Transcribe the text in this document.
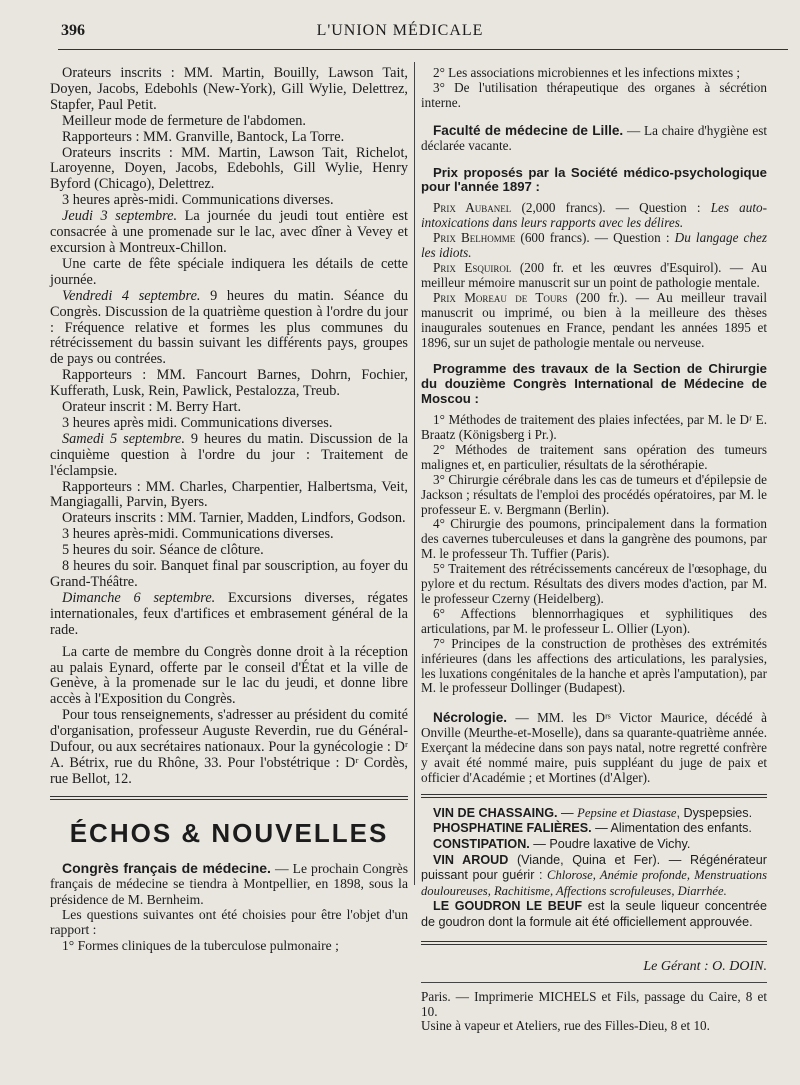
396	L'UNION MÉDICALE

Orateurs inscrits : MM. Martin, Bouilly, Lawson Tait, Doyen, Jacobs, Edebohls (New-York), Gill Wylie, Delettrez, Stapfer, Paul Petit.

Meilleur mode de fermeture de l'abdomen.

Rapporteurs : MM. Granville, Bantock, La Torre.

Orateurs inscrits : MM. Martin, Lawson Tait, Richelot, Laroyenne, Doyen, Jacobs, Edebohls, Gill Wylie, Henry Byford (Chicago), Delettrez.

3 heures après-midi. Communications diverses.

Jeudi 3 septembre. La journée du jeudi tout entière est consacrée à une promenade sur le lac, avec dîner à Vevey et excursion à Montreux-Chillon.

Une carte de fête spéciale indiquera les détails de cette journée.

Vendredi 4 septembre. 9 heures du matin. Séance du Congrès. Discussion de la quatrième question à l'ordre du jour : Fréquence relative et formes les plus communes du rétrécissement du bassin suivant les différents pays, groupes de pays ou contrées.

Rapporteurs : MM. Fancourt Barnes, Dohrn, Fochier, Kufferath, Lusk, Rein, Pawlick, Pestalozza, Treub.

Orateur inscrit : M. Berry Hart.

3 heures après midi. Communications diverses.

Samedi 5 septembre. 9 heures du matin. Discussion de la cinquième question à l'ordre du jour : Traitement de l'éclampsie.

Rapporteurs : MM. Charles, Charpentier, Halbertsma, Veit, Mangiagalli, Parvin, Byers.

Orateurs inscrits : MM. Tarnier, Madden, Lindfors, Godson.

3 heures après-midi. Communications diverses.

5 heures du soir. Séance de clôture.

8 heures du soir. Banquet final par souscription, au foyer du Grand-Théâtre.

Dimanche 6 septembre. Excursions diverses, régates internationales, feux d'artifices et embrasement général de la rade.

La carte de membre du Congrès donne droit à la réception au palais Eynard, offerte par le conseil d'État et la ville de Genève, à la promenade sur le lac du jeudi, et donne libre accès à l'Exposition du Congrès.

Pour tous renseignements, s'adresser au président du comité d'organisation, professeur Auguste Reverdin, rue du Général-Dufour, ou aux secrétaires nationaux. Pour la gynécologie : Dʳ A. Bétrix, rue du Rhône, 33. Pour l'obstétrique : Dʳ Cordès, rue Bellot, 12.

ÉCHOS & NOUVELLES

Congrès français de médecine. — Le prochain Congrès français de médecine se tiendra à Montpellier, en 1898, sous la présidence de M. Bernheim.

Les questions suivantes ont été choisies pour être l'objet d'un rapport :

1° Formes cliniques de la tuberculose pulmonaire ;

2° Les associations microbiennes et les infections mixtes ;

3° De l'utilisation thérapeutique des organes à sécrétion interne.

Faculté de médecine de Lille. — La chaire d'hygiène est déclarée vacante.

Prix proposés par la Société médico-psychologique pour l'année 1897 :

Prix Aubanel (2,000 francs). — Question : Les auto-intoxications dans leurs rapports avec les délires.

Prix Belhomme (600 francs). — Question : Du langage chez les idiots.

Prix Esquirol (200 fr. et les œuvres d'Esquirol). — Au meilleur mémoire manuscrit sur un point de pathologie mentale.

Prix Moreau de Tours (200 fr.). — Au meilleur travail manuscrit ou imprimé, ou bien à la meilleure des thèses inaugurales soutenues en France, pendant les années 1895 et 1896, sur un sujet de pathologie mentale ou nerveuse.

Programme des travaux de la Section de Chirurgie du douzième Congrès International de Médecine de Moscou :

1° Méthodes de traitement des plaies infectées, par M. le Dʳ E. Braatz (Königsberg i Pr.).

2° Méthodes de traitement sans opération des tumeurs malignes et, en particulier, résultats de la sérothérapie.

3° Chirurgie cérébrale dans les cas de tumeurs et d'épilepsie de Jackson ; résultats de l'emploi des procédés opératoires, par M. le professeur E. v. Bergmann (Berlin).

4° Chirurgie des poumons, principalement dans la formation des cavernes tuberculeuses et dans la gangrène des poumons, par M. le professeur Th. Tuffier (Paris).

5° Traitement des rétrécissements cancéreux de l'œsophage, du pylore et du rectum. Résultats des divers modes d'action, par M. le professeur Czerny (Heidelberg).

6° Affections blennorrhagiques et syphilitiques des articulations, par M. le professeur L. Ollier (Lyon).

7° Principes de la construction de prothèses des extrémités inférieures (dans les affections des articulations, les paralysies, les luxations congénitales de la hanche et après l'amputation), par M. le professeur Dollinger (Budapest).

Nécrologie. — MM. les Dʳˢ Victor Maurice, décédé à Onville (Meurthe-et-Moselle), dans sa quarante-quatrième année. Exerçant la médecine dans son pays natal, notre regretté confrère y avait été nommé maire, puis suppléant du juge de paix et officier d'Académie ; et Mortines (d'Alger).

VIN DE CHASSAING. — Pepsine et Diastase, Dyspepsies.

PHOSPHATINE FALIÈRES. — Alimentation des enfants.

CONSTIPATION. — Poudre laxative de Vichy.

VIN AROUD (Viande, Quina et Fer). — Régénérateur puissant pour guérir : Chlorose, Anémie profonde, Menstruations douloureuses, Rachitisme, Affections scrofuleuses, Diarrhée.

LE GOUDRON LE BEUF est la seule liqueur concentrée de goudron dont la formule ait été officiellement approuvée.

Le Gérant : O. DOIN.

Paris. — Imprimerie MICHELS et Fils, passage du Caire, 8 et 10.

Usine à vapeur et Ateliers, rue des Filles-Dieu, 8 et 10.
